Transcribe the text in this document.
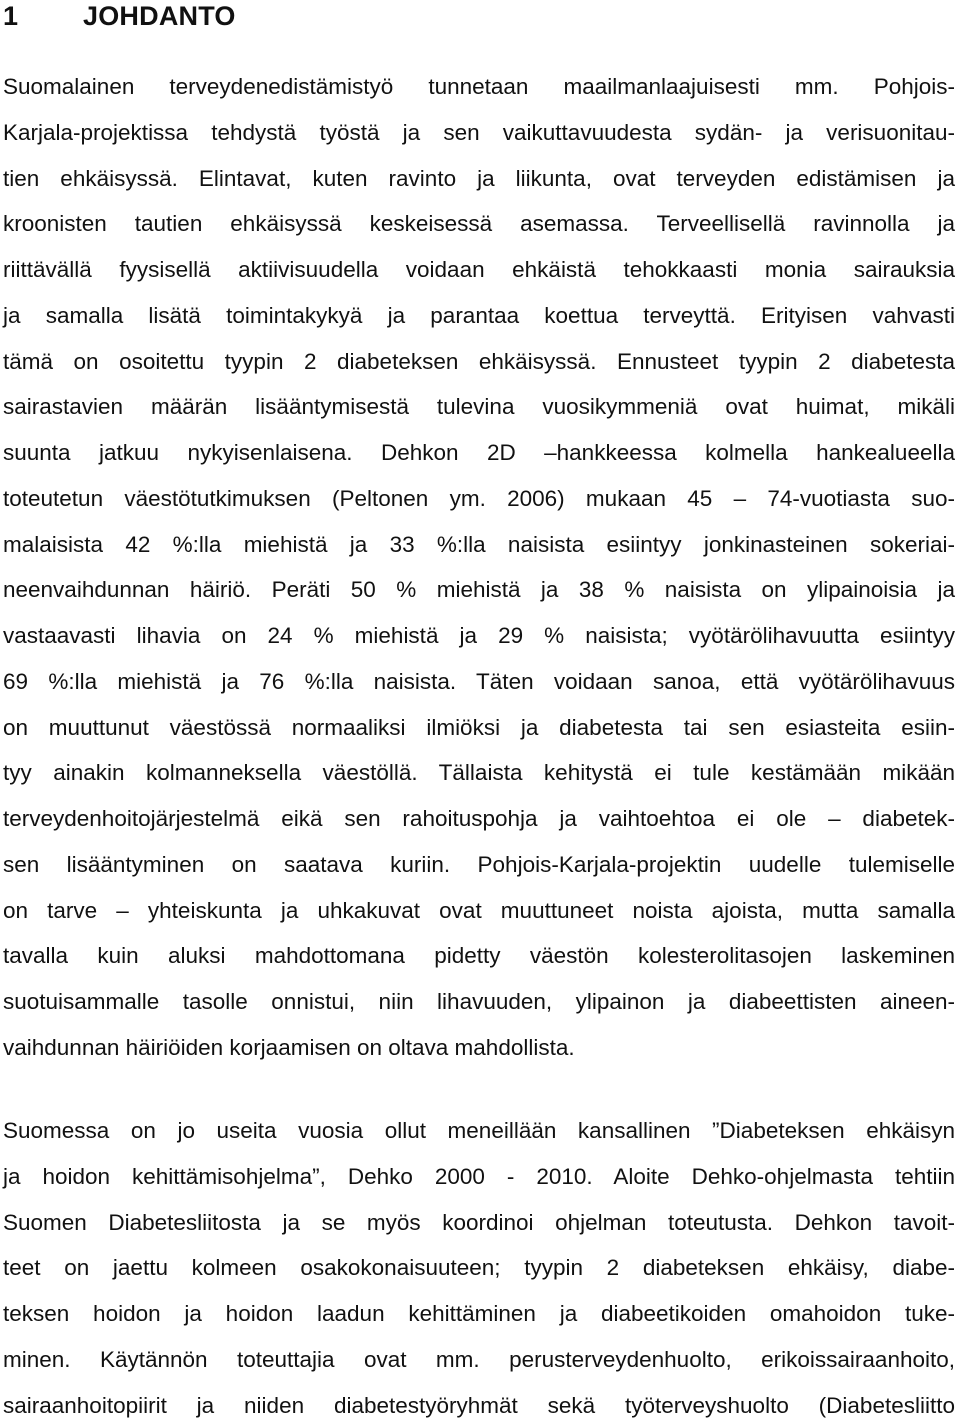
1 JOHDANTO
Suomalainen terveydenedistämistyö tunnetaan maailmanlaajuisesti mm. Pohjois-
Karjala-projektissa tehdystä työstä ja sen vaikuttavuudesta sydän- ja verisuonitau-
tien ehkäisyssä. Elintavat, kuten ravinto ja liikunta, ovat terveyden edistämisen ja
kroonisten tautien ehkäisyssä keskeisessä asemassa. Terveellisellä ravinnolla ja
riittävällä fyysisellä aktiivisuudella voidaan ehkäistä tehokkaasti monia sairauksia
ja samalla lisätä toimintakykyä ja parantaa koettua terveyttä. Erityisen vahvasti
tämä on osoitettu tyypin 2 diabeteksen ehkäisyssä. Ennusteet tyypin 2 diabetesta
sairastavien määrän lisääntymisestä tulevina vuosikymmeniä ovat huimat, mikäli
suunta jatkuu nykyisenlaisena. Dehkon 2D –hankkeessa kolmella hankealueella
toteutetun väestötutkimuksen (Peltonen ym. 2006) mukaan 45 – 74-vuotiasta suo-
malaisista 42 %:lla miehistä ja 33 %:lla naisista esiintyy jonkinasteinen sokeriai-
neenvaihdunnan häiriö. Peräti 50 % miehistä ja 38 % naisista on ylipainoisia ja
vastaavasti lihavia on 24 % miehistä ja 29 % naisista; vyötärölihavuutta esiintyy
69 %:lla miehistä ja 76 %:lla naisista. Täten voidaan sanoa, että vyötärölihavuus
on muuttunut väestössä normaaliksi ilmiöksi ja diabetesta tai sen esiasteita esiin-
tyy ainakin kolmanneksella väestöllä. Tällaista kehitystä ei tule kestämään mikään
terveydenhoitojärjestelmä eikä sen rahoituspohja ja vaihtoehtoa ei ole – diabetek-
sen lisääntyminen on saatava kuriin. Pohjois-Karjala-projektin uudelle tulemiselle
on tarve – yhteiskunta ja uhkakuvat ovat muuttuneet noista ajoista, mutta samalla
tavalla kuin aluksi mahdottomana pidetty väestön kolesterolitasojen laskeminen
suotuisammalle tasolle onnistui, niin lihavuuden, ylipainon ja diabeettisten aineen-
vaihdunnan häiriöiden korjaamisen on oltava mahdollista.
Suomessa on jo useita vuosia ollut meneillään kansallinen ”Diabeteksen ehkäisyn
ja hoidon kehittämisohjelma”, Dehko 2000 - 2010. Aloite Dehko-ohjelmasta tehtiin
Suomen Diabetesliitosta ja se myös koordinoi ohjelman toteutusta. Dehkon tavoit-
teet on jaettu kolmeen osakokonaisuuteen; tyypin 2 diabeteksen ehkäisy, diabe-
teksen hoidon ja hoidon laadun kehittäminen ja diabeetikoiden omahoidon tuke-
minen. Käytännön toteuttajia ovat mm. perusterveydenhuolto, erikoissairaanhoito,
sairaanhoitopiirit ja niiden diabetestyöryhmät sekä työterveyshuolto (Diabetesliitto
